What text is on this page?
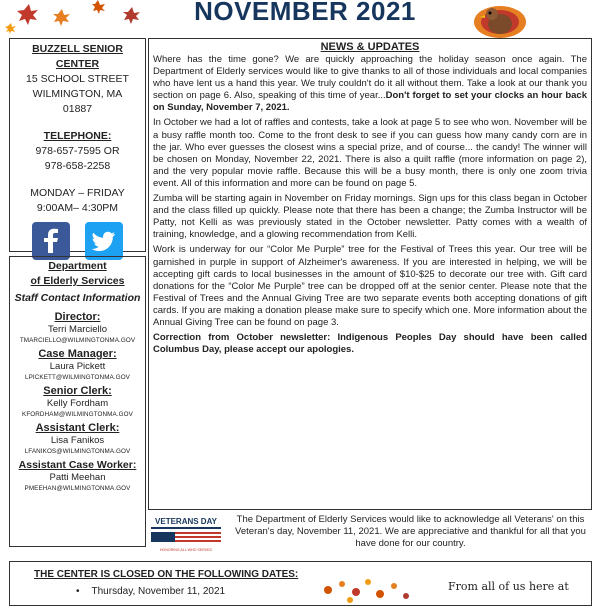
NOVEMBER 2021
BUZZELL SENIOR CENTER
15 SCHOOL STREET
WILMINGTON, MA
01887
TELEPHONE:
978-657-7595 OR
978-658-2258
MONDAY – FRIDAY
9:00AM– 4:30PM

Department
of Elderly Services
Staff Contact Information
Director:
Terri Marciello
TMARCIELLO@WILMINGTONMA.GOV
Case Manager:
Laura Pickett
LPICKETT@WILMINGTONMA.GOV
Senior Clerk:
Kelly Fordham
KFORDHAM@WILMINGTONMA.GOV
Assistant Clerk:
Lisa Fanikos
LFANIKOS@WILMINGTONMA.GOV
Assistant Case Worker:
Patti Meehan
PMEEHAN@WILMINGTONMA.GOV
NEWS & UPDATES

Where has the time gone? We are quickly approaching the holiday season once again. The Department of Elderly services would like to give thanks to all of those individuals and local companies who have lent us a hand this year. We truly couldn't do it all without them. Take a look at our thank you section on page 6. Also, speaking of this time of year...Don't forget to set your clocks an hour back on Sunday, November 7, 2021.

In October we had a lot of raffles and contests, take a look at page 5 to see who won. November will be a busy raffle month too. Come to the front desk to see if you can guess how many candy corn are in the jar. Who ever guesses the closest wins a special prize, and of course... the candy! The winner will be chosen on Monday, November 22, 2021. There is also a quilt raffle (more information on page 2), and the very popular movie raffle. Because this will be a busy month, there is only one zoom trivia event. All of this information and more can be found on page 5.

Zumba will be starting again in November on Friday mornings. Sign ups for this class began in October and the class filled up quickly. Please note that there has been a change; the Zumba Instructor will be Patty, not Kelli as was previously stated in the October newsletter. Patty comes with a wealth of training, knowledge, and a glowing recommendation from Kelli.

Work is underway for our “Color Me Purple” tree for the Festival of Trees this year. Our tree will be garnished in purple in support of Alzheimer's awareness. If you are interested in helping, we will be accepting gift cards to local businesses in the amount of $10-$25 to decorate our tree with. Gift card donations for the “Color Me Purple” tree can be dropped off at the senior center. Please note that the Festival of Trees and the Annual Giving Tree are two separate events both accepting donations of gift cards. If you are making a donation please make sure to specify which one. More information about the Annual Giving Tree can be found on page 3.

Correction from October newsletter: Indigenous Peoples Day should have been called Columbus Day, please accept our apologies.

VETERANS DAY
HONORING ALL WHO SERVED
The Department of Elderly Services would like to acknowledge all Veterans' on this Veteran's day, November 11, 2021. We are appreciative and thankful for all that you have done for our country.
THE CENTER IS CLOSED ON THE FOLLOWING DATES:
• Thursday, November 11, 2021	From all of us here at
